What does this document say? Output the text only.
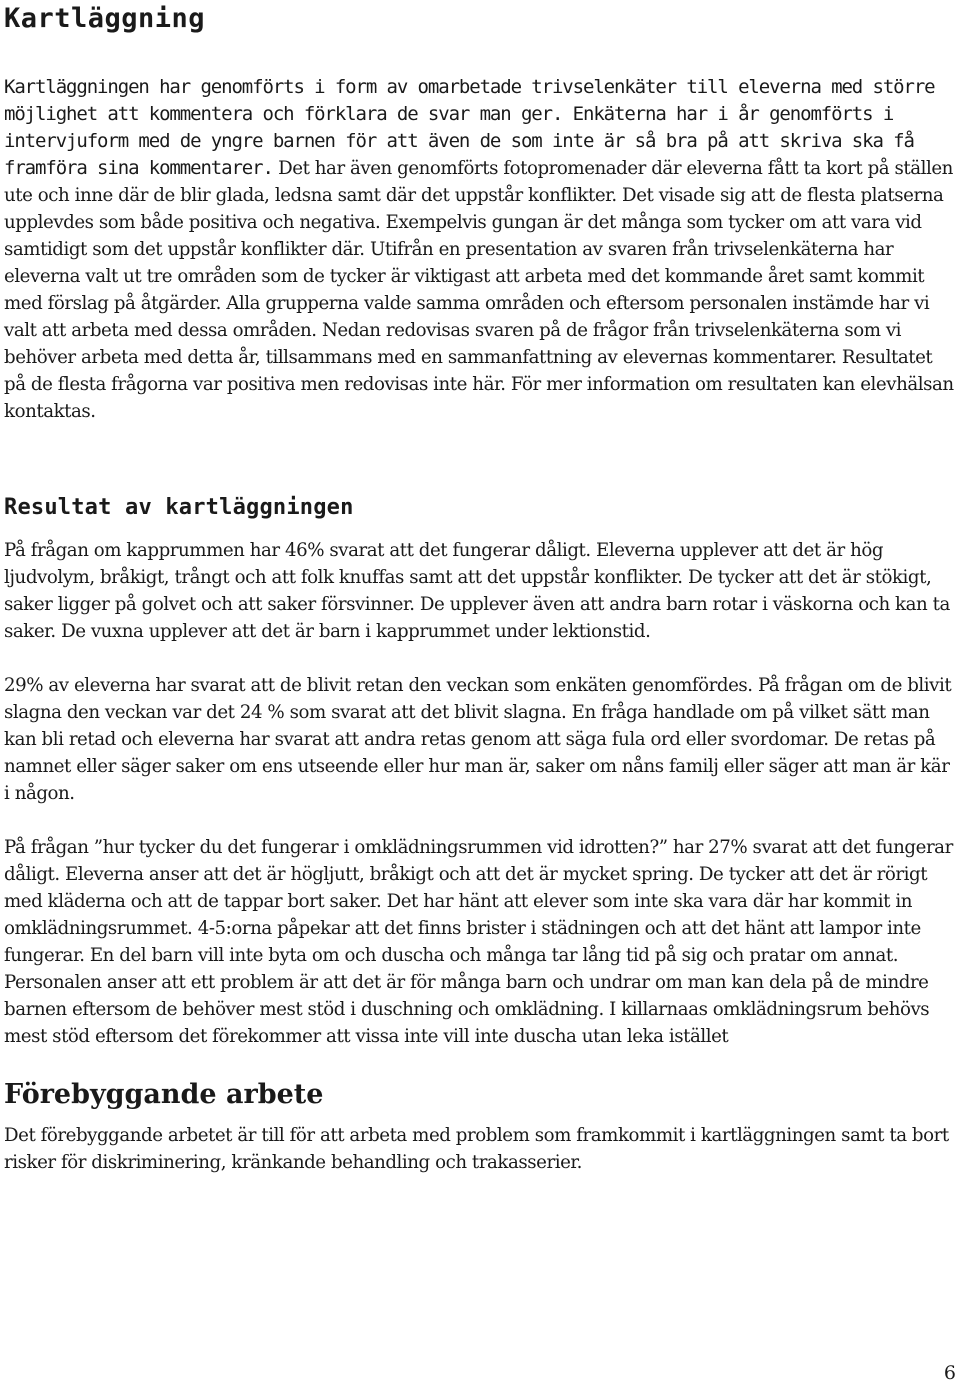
Kartläggning

Kartläggningen har genomförts i form av omarbetade trivselenkäter till eleverna med större möjlighet att kommentera och förklara de svar man ger. Enkäterna har i år genomförts i intervjuform med de yngre barnen för att även de som inte är så bra på att skriva ska få framföra sina kommentarer. Det har även genomförts fotopromenader där eleverna fått ta kort på ställen ute och inne där de blir glada, ledsna samt där det uppstår konflikter. Det visade sig att de flesta platserna upplevdes som både positiva och negativa. Exempelvis gungan är det många som tycker om att vara vid samtidigt som det uppstår konflikter där. Utifrån en presentation av svaren från trivselenkäterna har eleverna valt ut tre områden som de tycker är viktigast att arbeta med det kommande året samt kommit med förslag på åtgärder. Alla grupperna valde samma områden och eftersom personalen instämde har vi valt att arbeta med dessa områden. Nedan redovisas svaren på de frågor från trivselenkäterna som vi behöver arbeta med detta år, tillsammans med en sammanfattning av elevernas kommentarer. Resultatet på de flesta frågorna var positiva men redovisas inte här. För mer information om resultaten kan elevhälsan kontaktas.

Resultat av kartläggningen

På frågan om kapprummen har 46% svarat att det fungerar dåligt. Eleverna upplever att det är hög ljudvolym, bråkigt, trångt och att folk knuffas samt att det uppstår konflikter. De tycker att det är stökigt, saker ligger på golvet och att saker försvinner. De upplever även att andra barn rotar i väskorna och kan ta saker. De vuxna upplever att det är barn i kapprummet under lektionstid.

29% av eleverna har svarat att de blivit retan den veckan som enkäten genomfördes. På frågan om de blivit slagna den veckan var det 24 % som svarat att det blivit slagna. En fråga handlade om på vilket sätt man kan bli retad och eleverna har svarat att andra retas genom att säga fula ord eller svordomar. De retas på namnet eller säger saker om ens utseende eller hur man är, saker om nåns familj eller säger att man är kär i någon.

På frågan ”hur tycker du det fungerar i omklädningsrummen vid idrotten?” har 27% svarat att det fungerar dåligt. Eleverna anser att det är högljutt, bråkigt och att det är mycket spring. De tycker att det är rörigt med kläderna och att de tappar bort saker. Det har hänt att elever som inte ska vara där har kommit in omklädningsrummet. 4-5:orna påpekar att det finns brister i städningen och att det hänt att lampor inte fungerar. En del barn vill inte byta om och duscha och många tar lång tid på sig och pratar om annat. Personalen anser att ett problem är att det är för många barn och undrar om man kan dela på de mindre barnen eftersom de behöver mest stöd i duschning och omklädning. I killarnaas omklädningsrum behövs mest stöd eftersom det förekommer att vissa inte vill inte duscha utan leka istället

Förebyggande arbete

Det förebyggande arbetet är till för att arbeta med problem som framkommit i kartläggningen samt ta bort risker för diskriminering, kränkande behandling och trakasserier.

6
